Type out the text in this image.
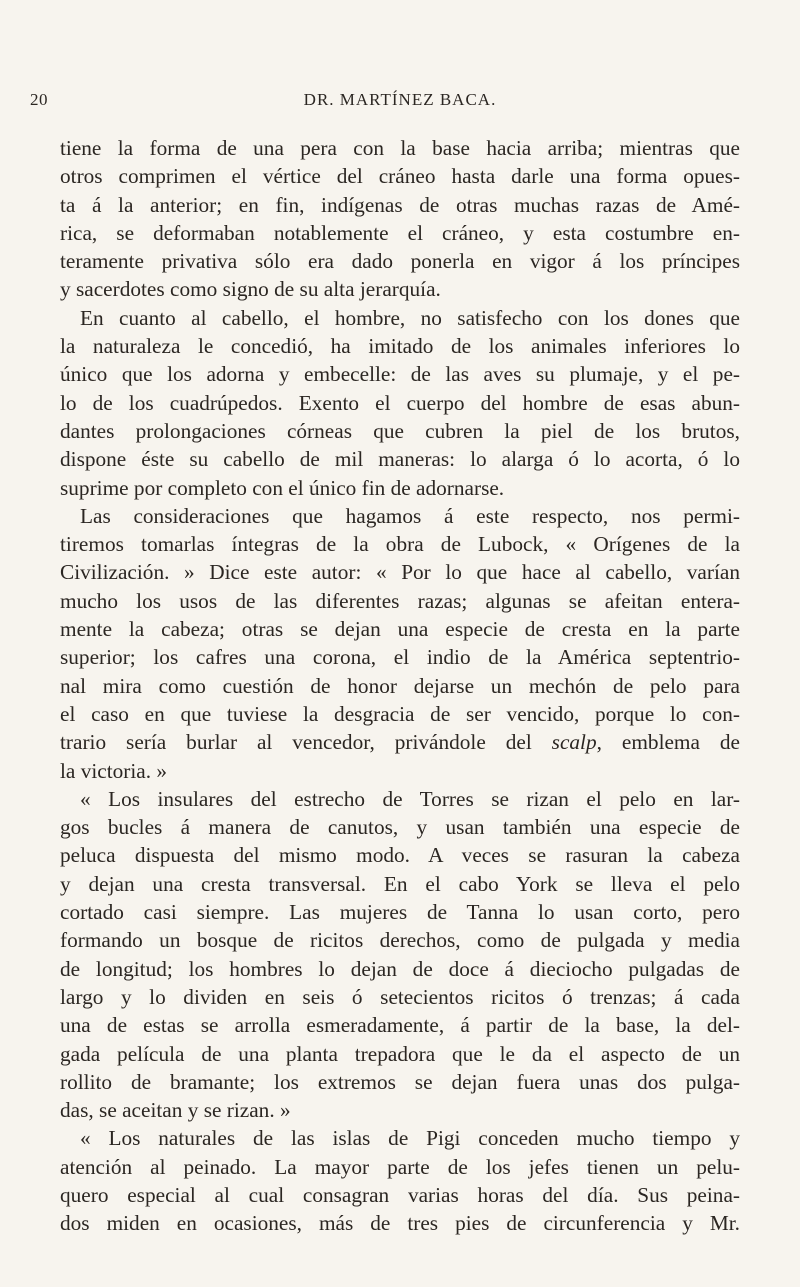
20	DR. MARTÍNEZ BACA.
tiene la forma de una pera con la base hacia arriba; mientras que
otros comprimen el vértice del cráneo hasta darle una forma opues-
ta á la anterior; en fin, indígenas de otras muchas razas de Amé-
rica, se deformaban notablemente el cráneo, y esta costumbre en-
teramente privativa sólo era dado ponerla en vigor á los príncipes
y sacerdotes como signo de su alta jerarquía.
En cuanto al cabello, el hombre, no satisfecho con los dones que
la naturaleza le concedió, ha imitado de los animales inferiores lo
único que los adorna y embecelle: de las aves su plumaje, y el pe-
lo de los cuadrúpedos. Exento el cuerpo del hombre de esas abun-
dantes prolongaciones córneas que cubren la piel de los brutos,
dispone éste su cabello de mil maneras: lo alarga ó lo acorta, ó lo
suprime por completo con el único fin de adornarse.
Las consideraciones que hagamos á este respecto, nos permi-
tiremos tomarlas íntegras de la obra de Lubock, « Orígenes de la
Civilización. » Dice este autor: « Por lo que hace al cabello, varían
mucho los usos de las diferentes razas; algunas se afeitan entera-
mente la cabeza; otras se dejan una especie de cresta en la parte
superior; los cafres una corona, el indio de la América septentrio-
nal mira como cuestión de honor dejarse un mechón de pelo para
el caso en que tuviese la desgracia de ser vencido, porque lo con-
trario sería burlar al vencedor, privándole del scalp, emblema de
la victoria. »
« Los insulares del estrecho de Torres se rizan el pelo en lar-
gos bucles á manera de canutos, y usan también una especie de
peluca dispuesta del mismo modo. A veces se rasuran la cabeza
y dejan una cresta transversal. En el cabo York se lleva el pelo
cortado casi siempre. Las mujeres de Tanna lo usan corto, pero
formando un bosque de ricitos derechos, como de pulgada y media
de longitud; los hombres lo dejan de doce á dieciocho pulgadas de
largo y lo dividen en seis ó setecientos ricitos ó trenzas; á cada
una de estas se arrolla esmeradamente, á partir de la base, la del-
gada película de una planta trepadora que le da el aspecto de un
rollito de bramante; los extremos se dejan fuera unas dos pulga-
das, se aceitan y se rizan. »
« Los naturales de las islas de Pigi conceden mucho tiempo y
atención al peinado. La mayor parte de los jefes tienen un pelu-
quero especial al cual consagran varias horas del día. Sus peina-
dos miden en ocasiones, más de tres pies de circunferencia y Mr.
